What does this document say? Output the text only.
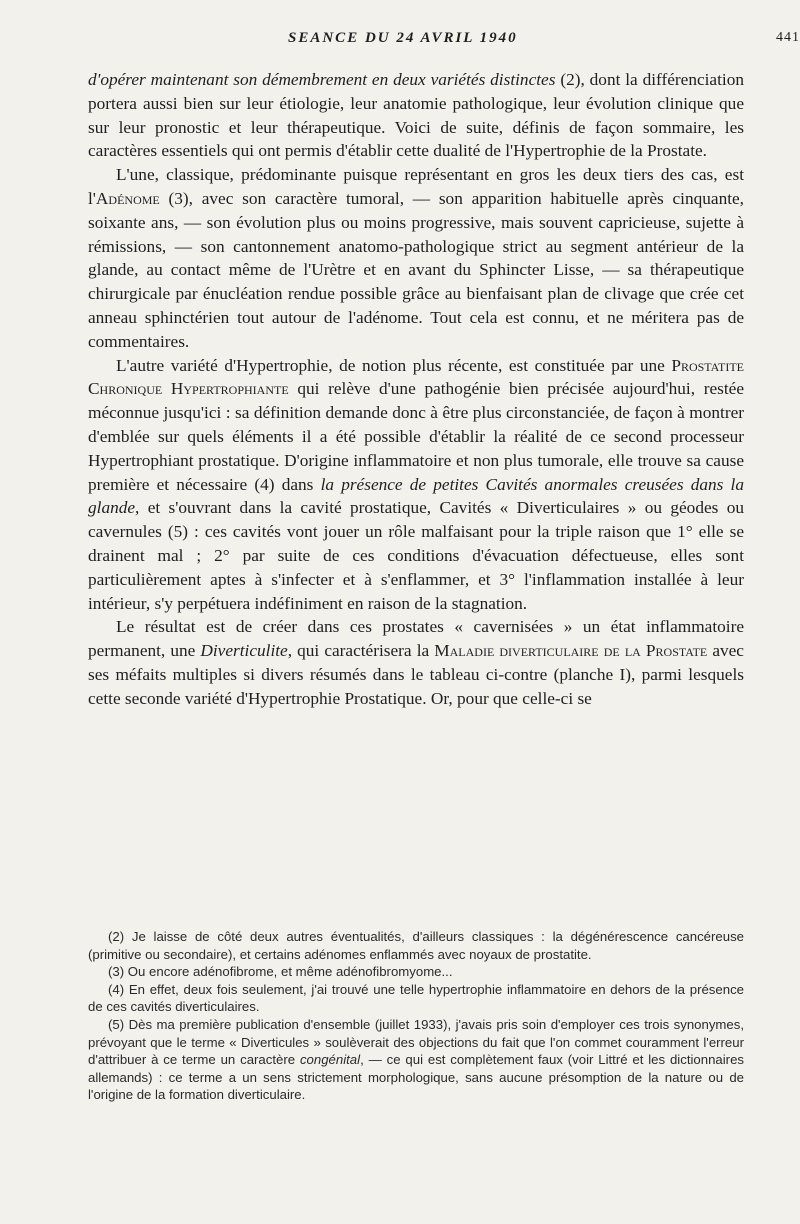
SEANCE DU 24 AVRIL 1940	441

d'opérer maintenant son démembrement en deux variétés distinctes (2), dont la différenciation portera aussi bien sur leur étiologie, leur anatomie pathologique, leur évolution clinique que sur leur pronostic et leur thérapeutique. Voici de suite, définis de façon sommaire, les caractères essentiels qui ont permis d'établir cette dualité de l'Hypertrophie de la Prostate.

L'une, classique, prédominante puisque représentant en gros les deux tiers des cas, est l'Adénome (3), avec son caractère tumoral, — son apparition habituelle après cinquante, soixante ans, — son évolution plus ou moins progressive, mais souvent capricieuse, sujette à rémissions, — son cantonnement anatomo-pathologique strict au segment antérieur de la glande, au contact même de l'Urètre et en avant du Sphincter Lisse, — sa thérapeutique chirurgicale par énucléation rendue possible grâce au bienfaisant plan de clivage que crée cet anneau sphinctérien tout autour de l'adénome. Tout cela est connu, et ne méritera pas de commentaires.

L'autre variété d'Hypertrophie, de notion plus récente, est constituée par une Prostatite Chronique Hypertrophiante qui relève d'une pathogénie bien précisée aujourd'hui, restée méconnue jusqu'ici : sa définition demande donc à être plus circonstanciée, de façon à montrer d'emblée sur quels éléments il a été possible d'établir la réalité de ce second processeur Hypertrophiant prostatique. D'origine inflammatoire et non plus tumorale, elle trouve sa cause première et nécessaire (4) dans la présence de petites Cavités anormales creusées dans la glande, et s'ouvrant dans la cavité prostatique, Cavités « Diverticulaires » ou géodes ou cavernules (5) : ces cavités vont jouer un rôle malfaisant pour la triple raison que 1° elle se drainent mal ; 2° par suite de ces conditions d'évacuation défectueuse, elles sont particulièrement aptes à s'infecter et à s'enflammer, et 3° l'inflammation installée à leur intérieur, s'y perpétuera indéfiniment en raison de la stagnation.

Le résultat est de créer dans ces prostates « cavernisées » un état inflammatoire permanent, une Diverticulite, qui caractérisera la Maladie diverticulaire de la Prostate avec ses méfaits multiples si divers résumés dans le tableau ci-contre (planche I), parmi lesquels cette seconde variété d'Hypertrophie Prostatique. Or, pour que celle-ci se

(2) Je laisse de côté deux autres éventualités, d'ailleurs classiques : la dégénérescence cancéreuse (primitive ou secondaire), et certains adénomes enflammés avec noyaux de prostatite.

(3) Ou encore adénofibrome, et même adénofibromyome...

(4) En effet, deux fois seulement, j'ai trouvé une telle hypertrophie inflammatoire en dehors de la présence de ces cavités diverticulaires.

(5) Dès ma première publication d'ensemble (juillet 1933), j'avais pris soin d'employer ces trois synonymes, prévoyant que le terme « Diverticules » soulèverait des objections du fait que l'on commet couramment l'erreur d'attribuer à ce terme un caractère congénital, — ce qui est complètement faux (voir Littré et les dictionnaires allemands) : ce terme a un sens strictement morphologique, sans aucune présomption de la nature ou de l'origine de la formation diverticulaire.
